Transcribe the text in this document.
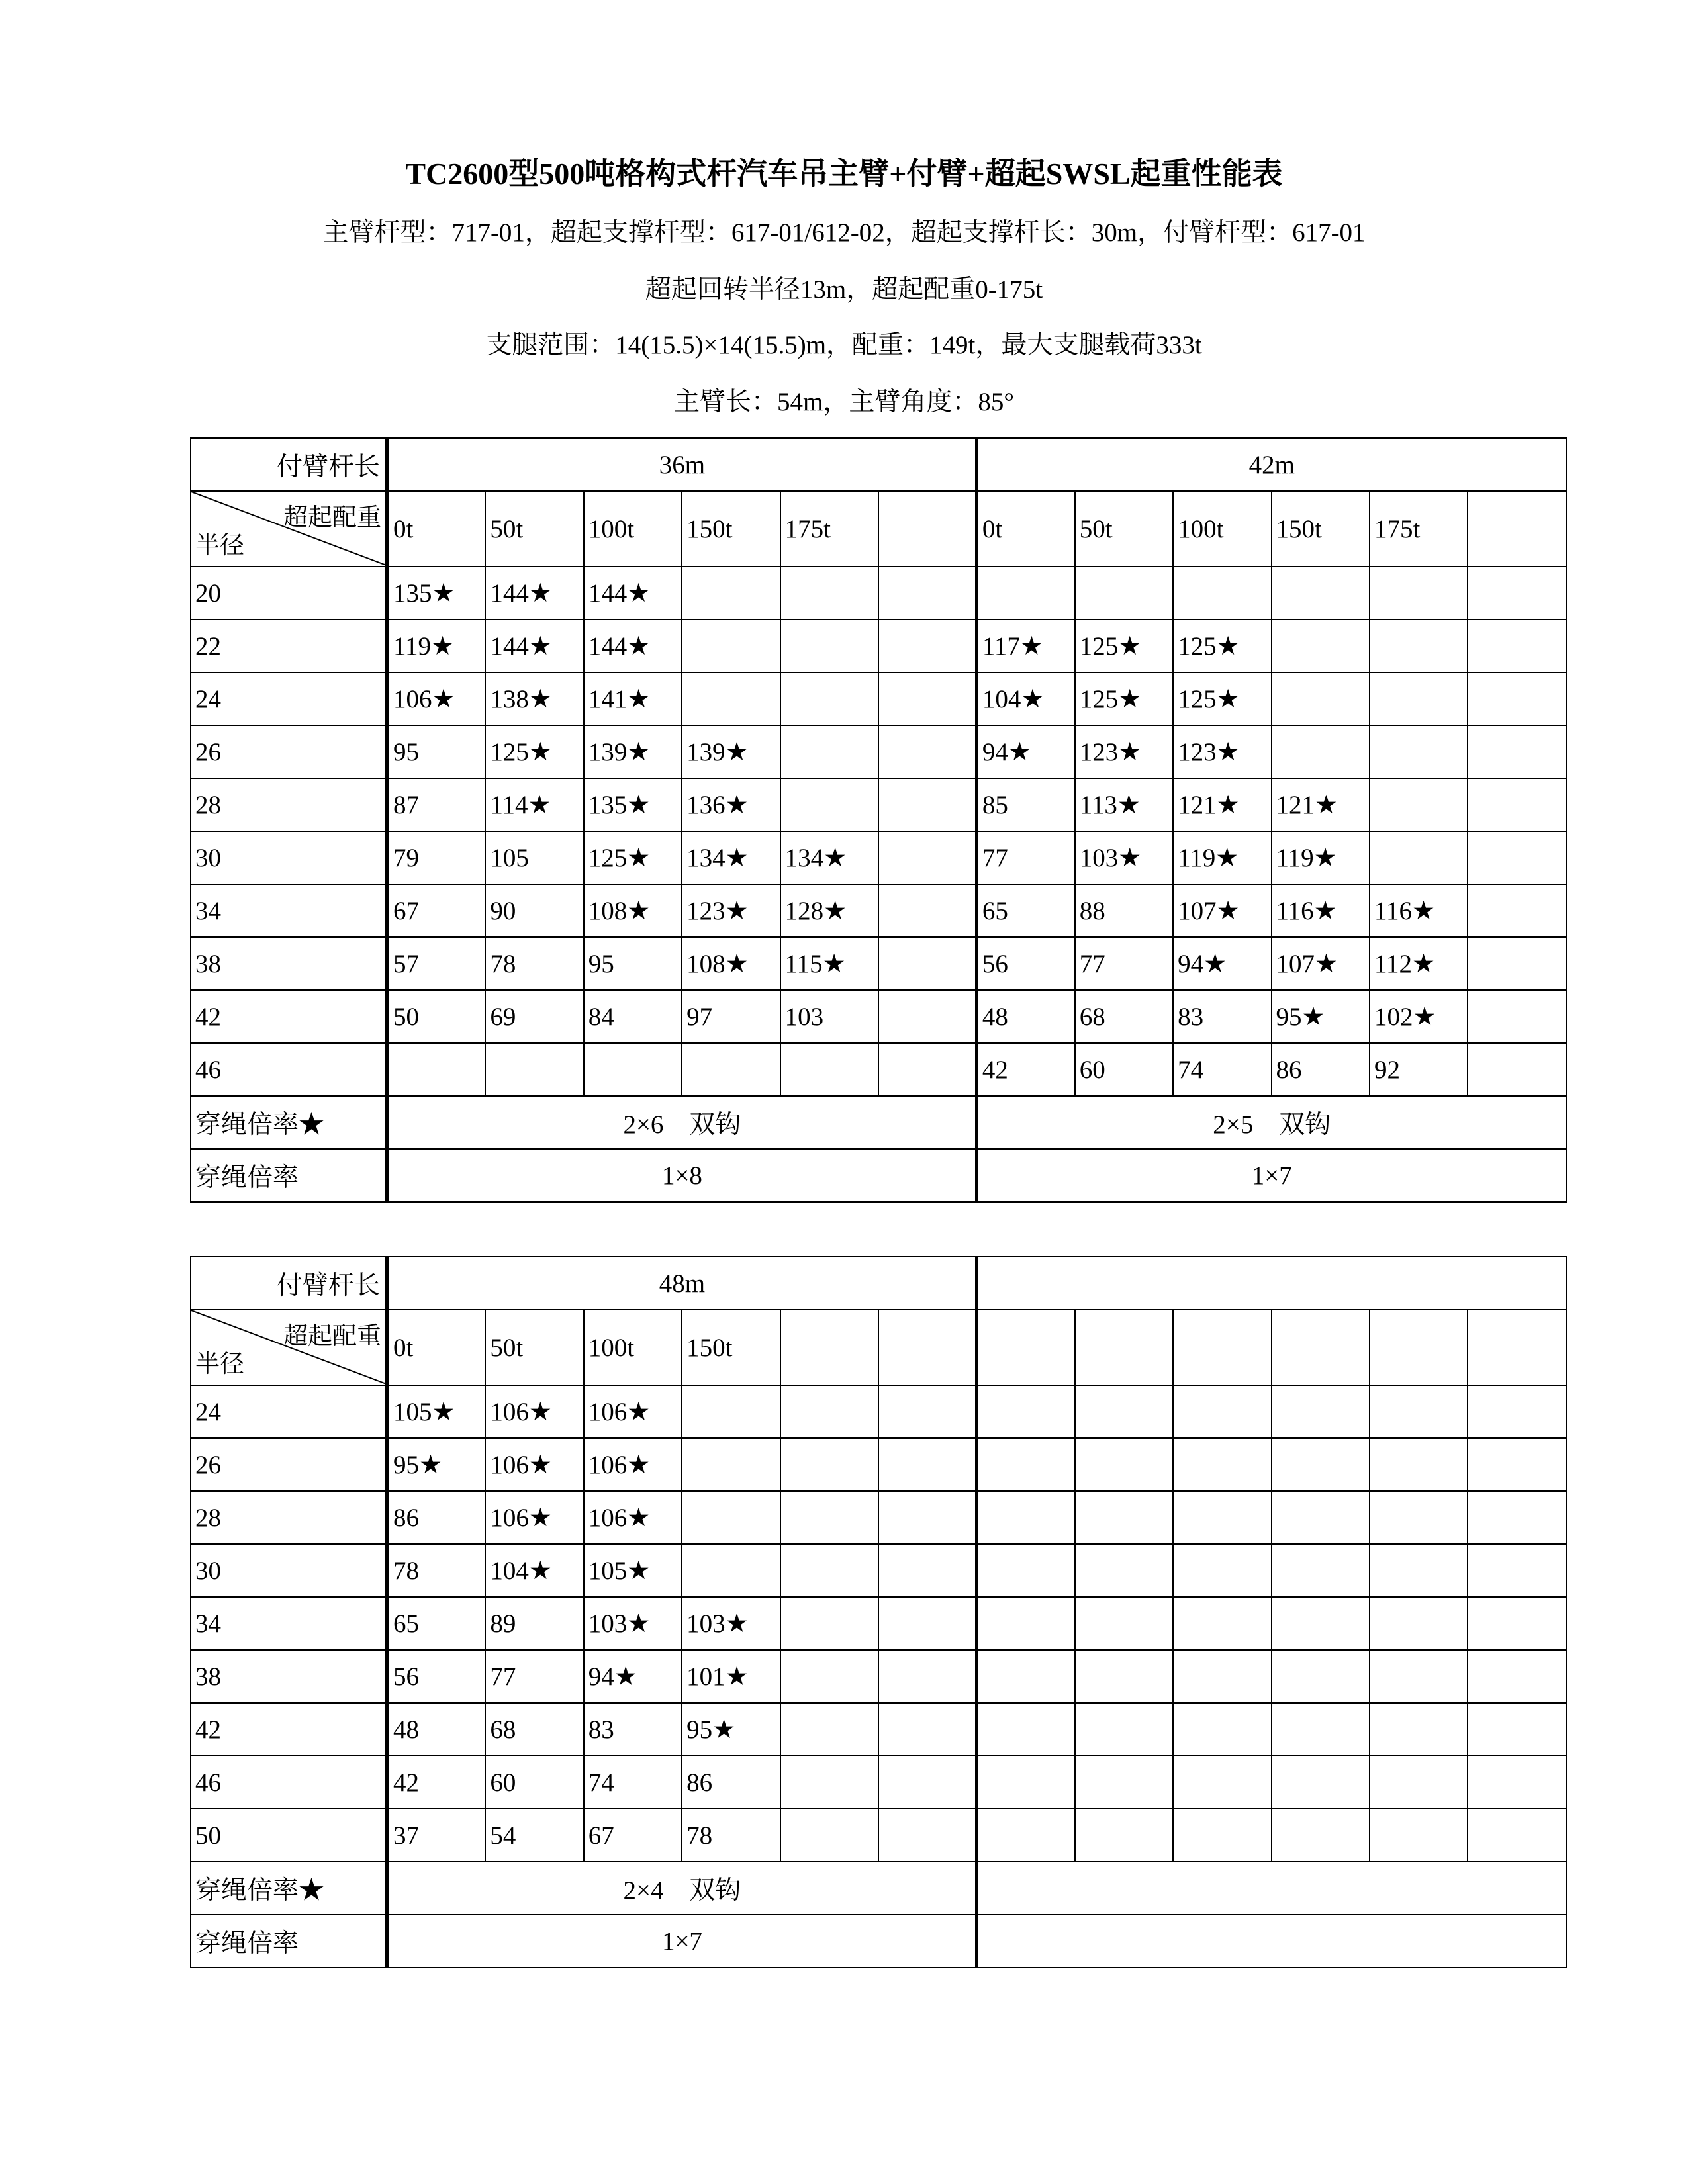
TC2600型500吨格构式杆汽车吊主臂+付臂+超起SWSL起重性能表
主臂杆型：717-01，超起支撑杆型：617-01/612-02，超起支撑杆长：30m，付臂杆型：617-01
超起回转半径13m，超起配重0-175t
支腿范围：14(15.5)×14(15.5)m，配重：149t，最大支腿载荷333t
主臂长：54m，主臂角度：85°
付臂杆长	36m						42m					

超起配重
半径	0t	50t	100t	150t	175t		0t	50t	100t	150t	175t	
20	135★	144★	144★									
22	119★	144★	144★				117★	125★	125★			
24	106★	138★	141★				104★	125★	125★			
26	95	125★	139★	139★			94★	123★	123★			
28	87	114★	135★	136★			85	113★	121★	121★		
30	79	105	125★	134★	134★		77	103★	119★	119★		
34	67	90	108★	123★	128★		65	88	107★	116★	116★	
38	57	78	95	108★	115★		56	77	94★	107★	112★	
42	50	69	84	97	103		48	68	83	95★	102★	
46							42	60	74	86	92	
穿绳倍率★	2×6　双钩						2×5　双钩					
穿绳倍率	1×8						1×7					
付臂杆长	48m											

超起配重
半径	0t	50t	100t	150t								
24	105★	106★	106★									
26	95★	106★	106★									
28	86	106★	106★									
30	78	104★	105★									
34	65	89	103★	103★								
38	56	77	94★	101★								
42	48	68	83	95★								
46	42	60	74	86								
50	37	54	67	78								
穿绳倍率★	2×4　双钩											
穿绳倍率	1×7											
